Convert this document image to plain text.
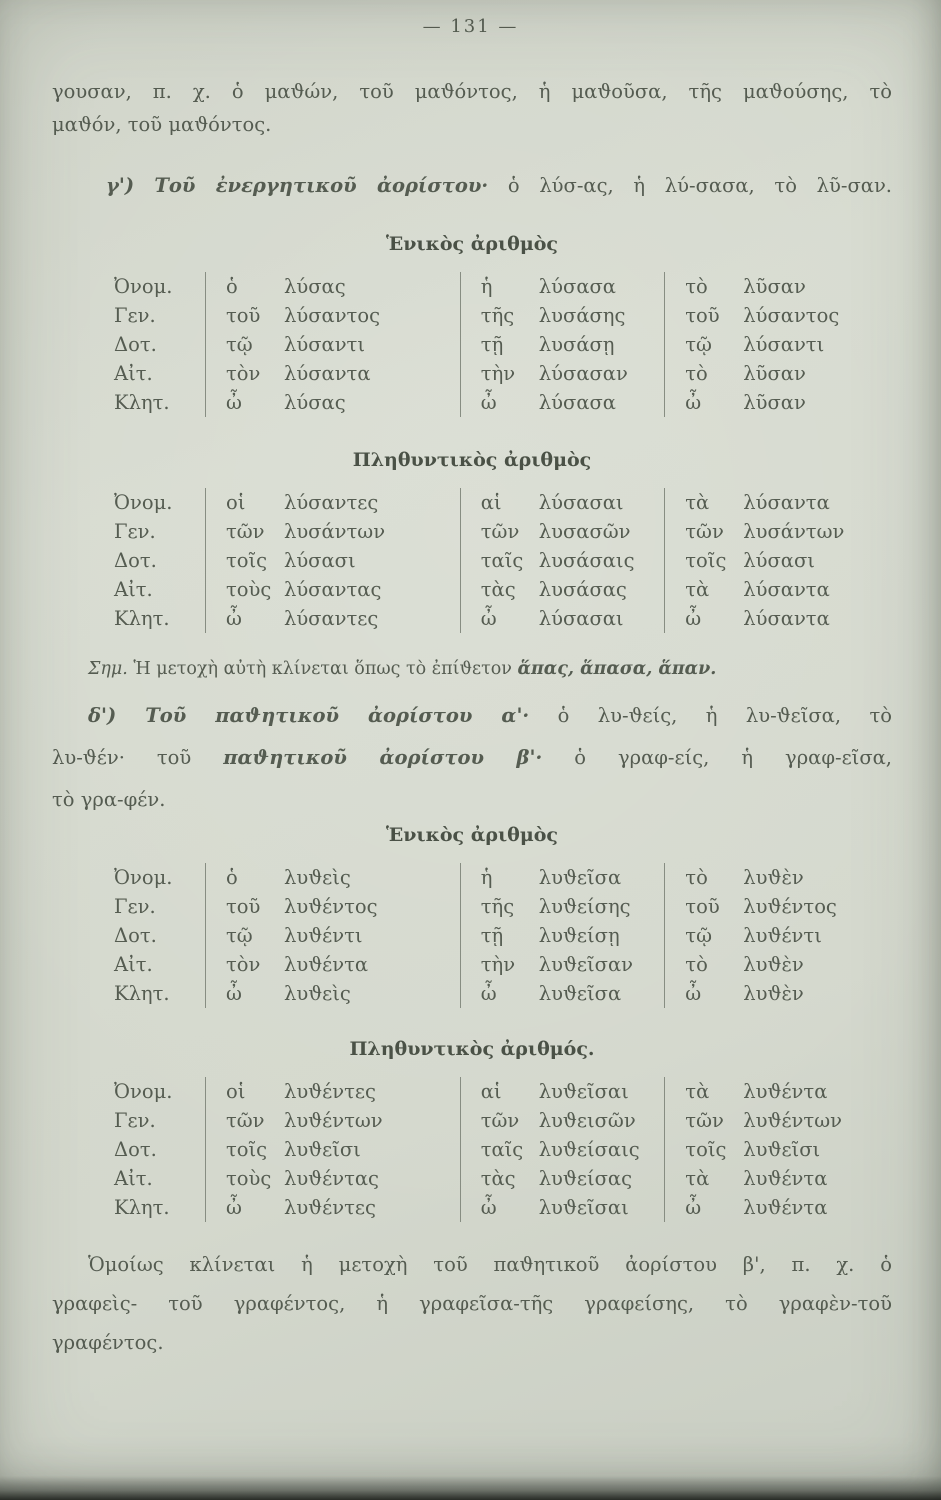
— 131 —
γουσαν, π. χ. ὁ μαϑών, τοῦ μαϑόντος, ἡ μαϑοῦσα, τῆς μαϑούσης, τὸ
μαϑόν, τοῦ μαϑόντος.
γ') Τοῦ ἐνεργητικοῦ ἀορίστου· ὁ λύσ-ας, ἡ λύ-σασα, τὸ λῦ-σαν.
Ἑνικὸς ἀριθμὸς
Ὀνομ.	ὁ λύσας	ἡ λύσασα	τὸ λῦσαν
Γεν.	τοῦ λύσαντος	τῆς λυσάσης	τοῦ λύσαντος
Δοτ.	τῷ λύσαντι	τῇ λυσάσῃ	τῷ λύσαντι
Αἰτ.	τὸν λύσαντα	τὴν λύσασαν	τὸ λῦσαν
Κλητ.	ὦ λύσας	ὦ λύσασα	ὦ λῦσαν
Πληθυντικὸς ἀριθμὸς
Ὀνομ.	οἱ λύσαντες	αἱ λύσασαι	τὰ λύσαντα
Γεν.	τῶν λυσάντων	τῶν λυσασῶν	τῶν λυσάντων
Δοτ.	τοῖς λύσασι	ταῖς λυσάσαις	τοῖς λύσασι
Αἰτ.	τοὺς λύσαντας	τὰς λυσάσας	τὰ λύσαντα
Κλητ.	ὦ λύσαντες	ὦ λύσασαι	ὦ λύσαντα
Σημ. Ἡ μετοχὴ αὐτὴ κλίνεται ὅπως τὸ ἐπίϑετον ἅπας, ἅπασα, ἅπαν.
δ') Τοῦ παϑητικοῦ ἀορίστου α'· ὁ λυ-ϑείς, ἡ λυ-ϑεῖσα, τὸ
λυ-ϑέν· τοῦ παϑητικοῦ ἀορίστου β'· ὁ γραφ-είς, ἡ γραφ-εῖσα,
τὸ γρα-φέν.
Ἑνικὸς ἀριθμὸς
Ὀνομ.	ὁ λυϑεὶς	ἡ λυϑεῖσα	τὸ λυϑὲν
Γεν.	τοῦ λυϑέντος	τῆς λυϑείσης	τοῦ λυϑέντος
Δοτ.	τῷ λυϑέντι	τῇ λυϑείσῃ	τῷ λυϑέντι
Αἰτ.	τὸν λυϑέντα	τὴν λυϑεῖσαν	τὸ λυϑὲν
Κλητ.	ὦ λυϑεὶς	ὦ λυϑεῖσα	ὦ λυϑὲν
Πληθυντικὸς ἀριθμός.
Ὀνομ.	οἱ λυϑέντες	αἱ λυϑεῖσαι	τὰ λυϑέντα
Γεν.	τῶν λυϑέντων	τῶν λυϑεισῶν	τῶν λυϑέντων
Δοτ.	τοῖς λυϑεῖσι	ταῖς λυϑείσαις	τοῖς λυϑεῖσι
Αἰτ.	τοὺς λυϑέντας	τὰς λυϑείσας	τὰ λυϑέντα
Κλητ.	ὦ λυϑέντες	ὦ λυϑεῖσαι	ὦ λυϑέντα
Ὁμοίως κλίνεται ἡ μετοχὴ τοῦ παϑητικοῦ ἀορίστου β', π. χ. ὁ
γραφεὶς- τοῦ γραφέντος, ἡ γραφεῖσα-τῆς γραφείσης, τὸ γραφὲν-τοῦ
γραφέντος.
